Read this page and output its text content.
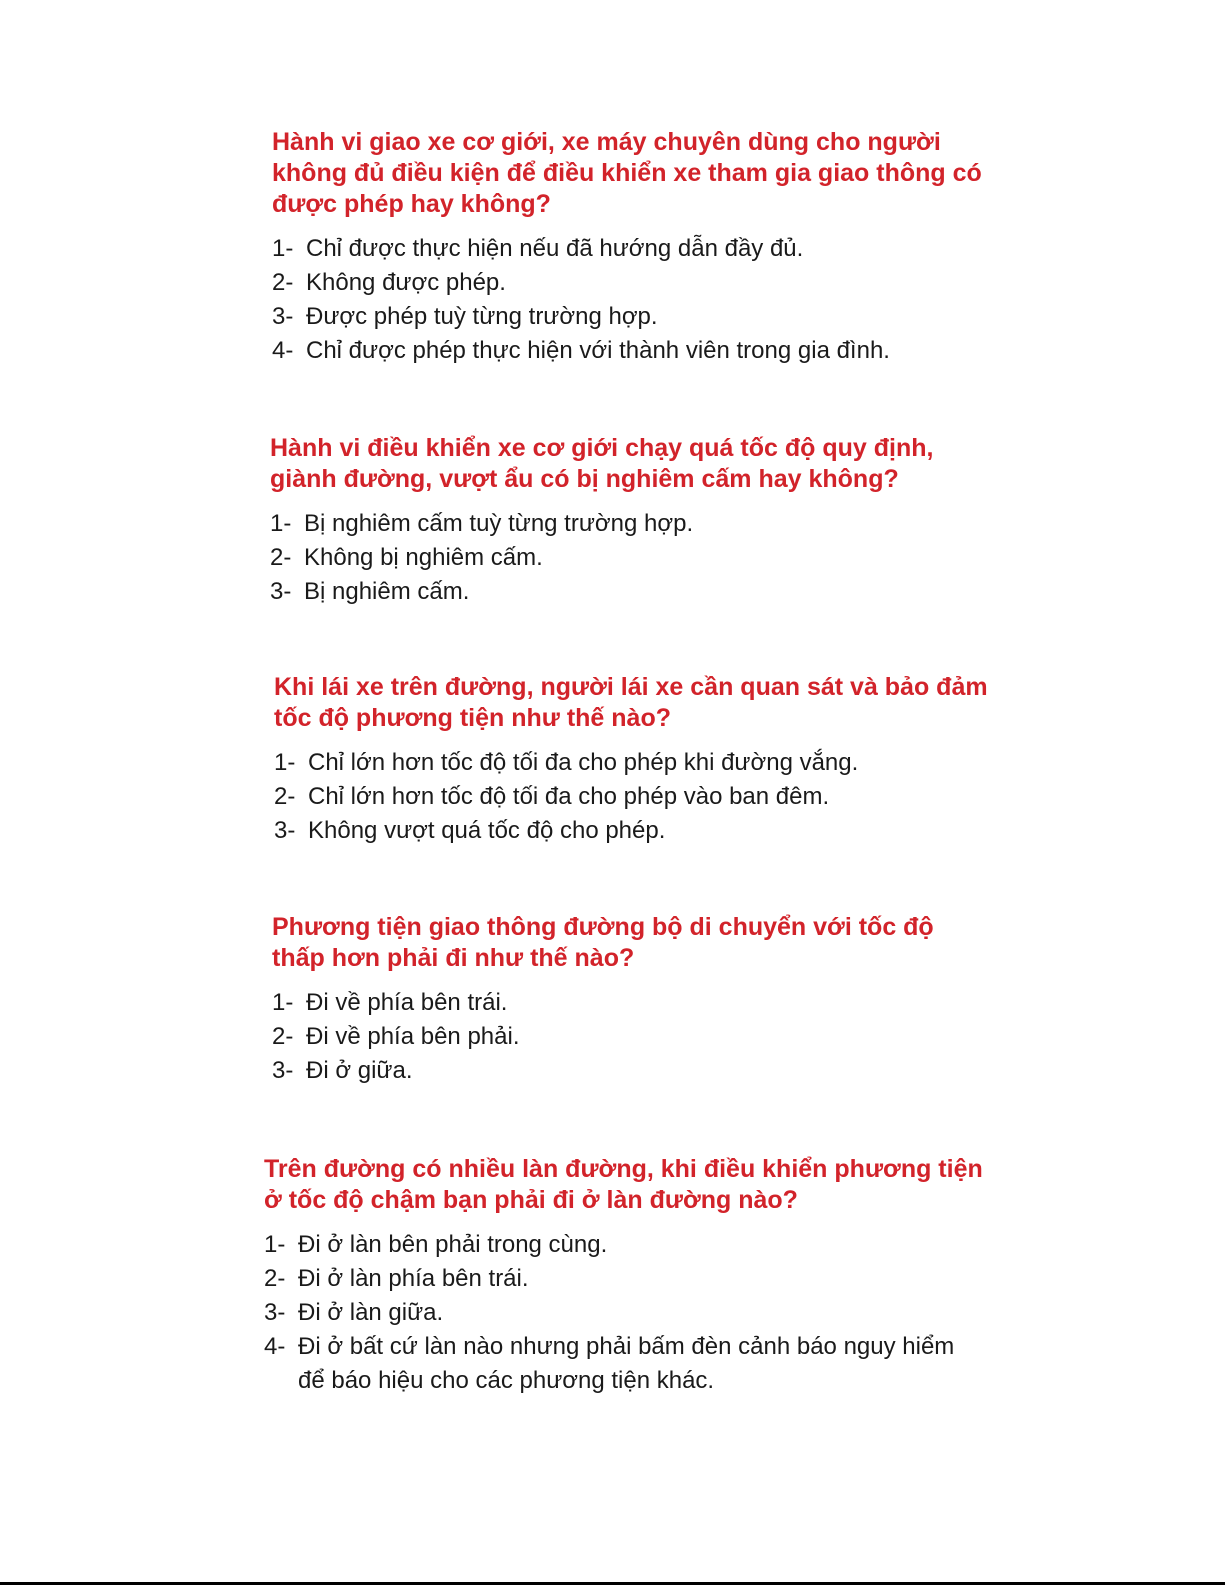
Hành vi giao xe cơ giới, xe máy chuyên dùng cho người không đủ điều kiện để điều khiển xe tham gia giao thông có được phép hay không?
1- Chỉ được thực hiện nếu đã hướng dẫn đầy đủ.
2- Không được phép.
3- Được phép tuỳ từng trường hợp.
4- Chỉ được phép thực hiện với thành viên trong gia đình.
Hành vi điều khiển xe cơ giới chạy quá tốc độ quy định, giành đường, vượt ẩu có bị nghiêm cấm hay không?
1- Bị nghiêm cấm tuỳ từng trường hợp.
2- Không bị nghiêm cấm.
3- Bị nghiêm cấm.
Khi lái xe trên đường, người lái xe cần quan sát và bảo đảm tốc độ phương tiện như thế nào?
1- Chỉ lớn hơn tốc độ tối đa cho phép khi đường vắng.
2- Chỉ lớn hơn tốc độ tối đa cho phép vào ban đêm.
3- Không vượt quá tốc độ cho phép.
Phương tiện giao thông đường bộ di chuyển với tốc độ thấp hơn phải đi như thế nào?
1- Đi về phía bên trái.
2- Đi về phía bên phải.
3- Đi ở giữa.
Trên đường có nhiều làn đường, khi điều khiển phương tiện ở tốc độ chậm bạn phải đi ở làn đường nào?
1- Đi ở làn bên phải trong cùng.
2- Đi ở làn phía bên trái.
3- Đi ở làn giữa.
4- Đi ở bất cứ làn nào nhưng phải bấm đèn cảnh báo nguy hiểm để báo hiệu cho các phương tiện khác.
